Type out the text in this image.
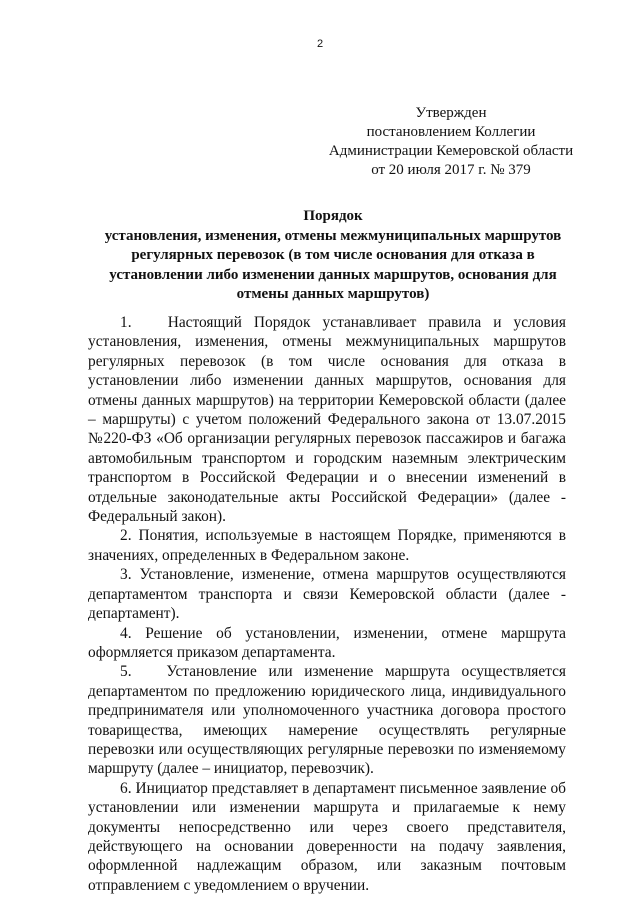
2
Утвержден
постановлением Коллегии
Администрации Кемеровской области
от 20 июля 2017 г. № 379
Порядок
установления, изменения, отмены межмуниципальных маршрутов
регулярных перевозок (в том числе основания для отказа в
установлении либо изменении данных маршрутов, основания для
отмены данных маршрутов)

1.   Настоящий Порядок устанавливает правила и условия установления, изменения, отмены межмуниципальных маршрутов регулярных перевозок (в том числе основания для отказа в установлении либо изменении данных маршрутов, основания для отмены данных маршрутов) на территории Кемеровской области (далее – маршруты) с учетом положений Федерального закона от 13.07.2015 №220-ФЗ «Об организации регулярных перевозок пассажиров и багажа автомобильным транспортом и городским наземным электрическим транспортом в Российской Федерации и о внесении изменений в отдельные законодательные акты Российской Федерации» (далее - Федеральный закон).

2. Понятия, используемые в настоящем Порядке, применяются в значениях, определенных в Федеральном законе.

3. Установление, изменение, отмена маршрутов осуществляются департаментом транспорта и связи Кемеровской области (далее - департамент).

4. Решение об установлении, изменении, отмене маршрута оформляется приказом департамента.

5.   Установление или изменение маршрута осуществляется департаментом по предложению юридического лица, индивидуального предпринимателя или уполномоченного участника договора простого товарищества, имеющих намерение осуществлять регулярные перевозки или осуществляющих регулярные перевозки по изменяемому маршруту (далее – инициатор, перевозчик).

6. Инициатор представляет в департамент письменное заявление об установлении или изменении маршрута и прилагаемые к нему документы непосредственно или через своего представителя, действующего на основании доверенности на подачу заявления, оформленной надлежащим образом, или заказным почтовым отправлением с уведомлением о вручении.
